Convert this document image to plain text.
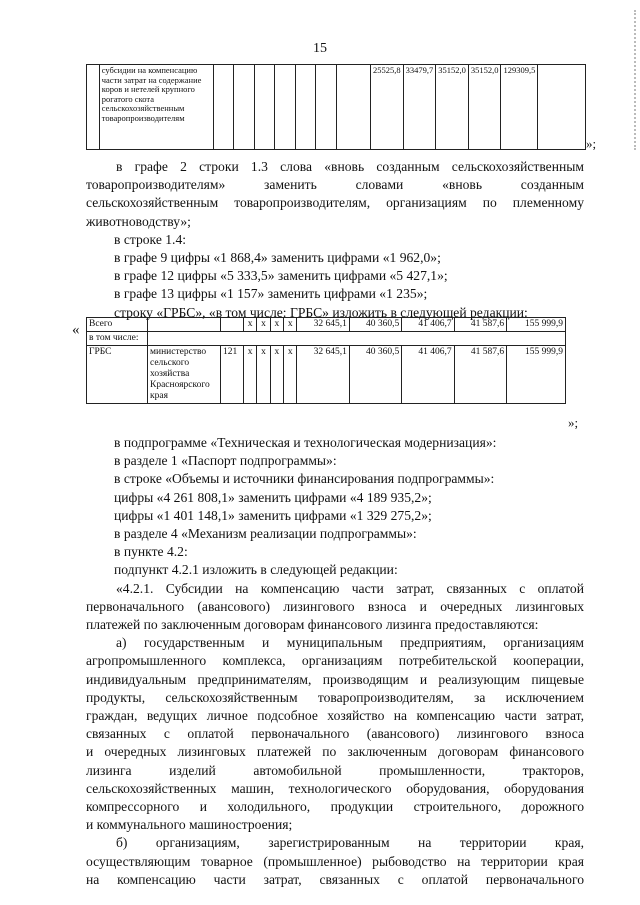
15
	субсидии на компенсацию части затрат на содержание коров и нетелей крупного рогатого скота сельскохозяйственным товаропроизводителям								25525,8	33479,7	35152,0	35152,0	129309,5	
»;

в графе 2 строки 1.3 слова «вновь созданным сельскохозяйственным

товаропроизводителям» заменить словами «вновь созданным

сельскохозяйственным товаропроизводителям, организациям по племенному

животноводству»;

в строке 1.4:

в графе 9 цифры «1 868,4» заменить цифрами «1 962,0»;

в графе 12 цифры «5 333,5» заменить цифрами «5 427,1»;

в графе 13 цифры «1 157» заменить цифрами «1 235»;

строку «ГРБС», «в том числе: ГРБС» изложить в следующей редакции:

« Всего			x	x	x	x	32 645,1	40 360,5	41 406,7	41 587,6	155 999,9
в том числе:											
ГРБС	министерство сельского хозяйства Красноярского края	121	x	x	x	x	32 645,1	40 360,5	41 406,7	41 587,6	155 999,9
»;

в подпрограмме «Техническая и технологическая модернизация»:

в разделе 1 «Паспорт подпрограммы»:

в строке «Объемы и источники финансирования подпрограммы»:

цифры «4 261 808,1» заменить цифрами «4 189 935,2»;

цифры «1 401 148,1» заменить цифрами «1 329 275,2»;

в разделе 4 «Механизм реализации подпрограммы»:

в пункте 4.2:

подпункт 4.2.1 изложить в следующей редакции:

«4.2.1. Субсидии на компенсацию части затрат, связанных с оплатой

первоначального (авансового) лизингового взноса и очередных лизинговых

платежей по заключенным договорам финансового лизинга предоставляются:

а) государственным и муниципальным предприятиям, организациям

агропромышленного комплекса, организациям потребительской кооперации,

индивидуальным предпринимателям, производящим и реализующим пищевые

продукты, сельскохозяйственным товаропроизводителям, за исключением

граждан, ведущих личное подсобное хозяйство на компенсацию части затрат,

связанных с оплатой первоначального (авансового) лизингового взноса

и очередных лизинговых платежей по заключенным договорам финансового

лизинга изделий автомобильной промышленности, тракторов,

сельскохозяйственных машин, технологического оборудования, оборудования

компрессорного и холодильного, продукции строительного, дорожного

и коммунального машиностроения;

б) организациям, зарегистрированным на территории края,

осуществляющим товарное (промышленное) рыбоводство на территории края

на компенсацию части затрат, связанных с оплатой первоначального
